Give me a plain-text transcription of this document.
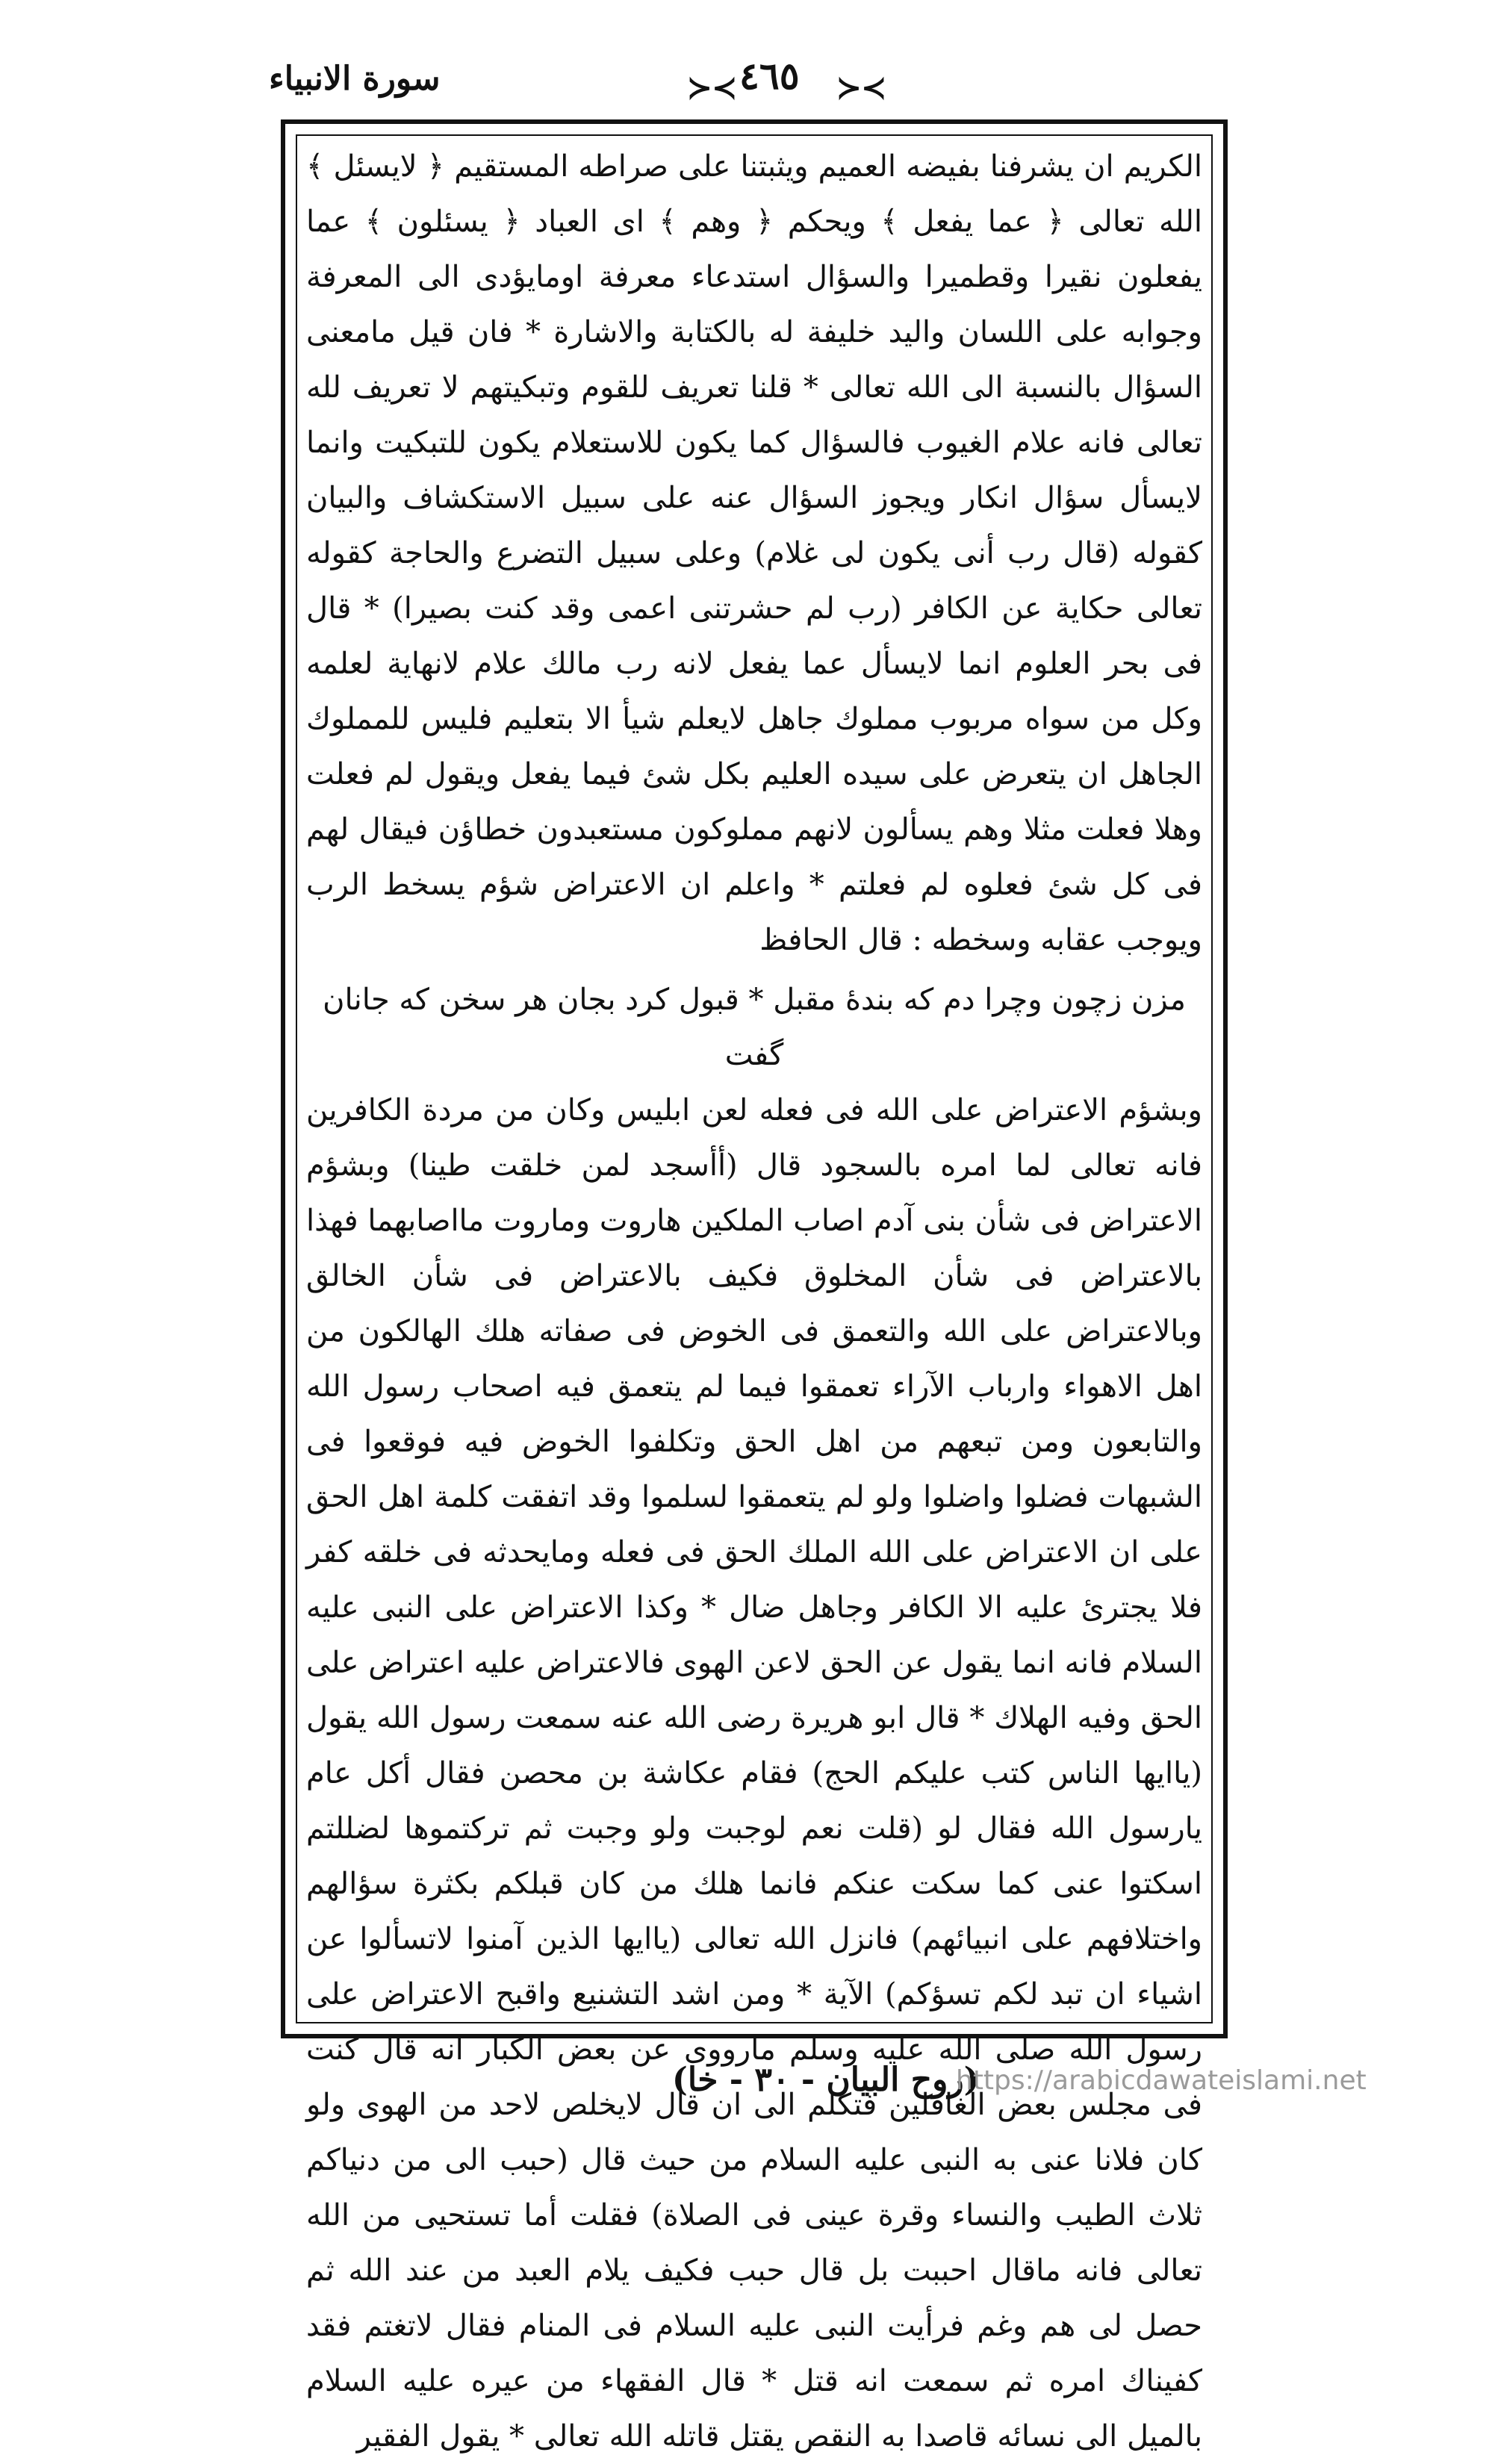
سورة الانبياء	≻≺ ٤٦٥ ≻≺

الكريم ان يشرفنا بفيضه العميم ويثبتنا على صراطه المستقيم ﴿ لايسئل ﴾ الله تعالى ﴿ عما يفعل ﴾ ويحكم ﴿ وهم ﴾ اى العباد ﴿ يسئلون ﴾ عما يفعلون نقيرا وقطميرا والسؤال استدعاء معرفة اومايؤدى الى المعرفة وجوابه على اللسان واليد خليفة له بالكتابة والاشارة * فان قيل مامعنى السؤال بالنسبة الى الله تعالى * قلنا تعريف للقوم وتبكيتهم لا تعريف لله تعالى فانه علام الغيوب فالسؤال كما يكون للاستعلام يكون للتبكيت وانما لايسأل سؤال انكار ويجوز السؤال عنه على سبيل الاستكشاف والبيان كقوله (قال رب أنى يكون لى غلام) وعلى سبيل التضرع والحاجة كقوله تعالى حكاية عن الكافر (رب لم حشرتنى اعمى وقد كنت بصيرا) * قال فى بحر العلوم انما لايسأل عما يفعل لانه رب مالك علام لانهاية لعلمه وكل من سواه مربوب مملوك جاهل لايعلم شيأ الا بتعليم فليس للمملوك الجاهل ان يتعرض على سيده العليم بكل شئ فيما يفعل ويقول لم فعلت وهلا فعلت مثلا وهم يسألون لانهم مملوكون مستعبدون خطاؤن فيقال لهم فى كل شئ فعلوه لم فعلتم * واعلم ان الاعتراض شؤم يسخط الرب ويوجب عقابه وسخطه : قال الحافظ

مزن زچون وچرا دم كه بندۀ مقبل * قبول كرد بجان هر سخن كه جانان گفت

وبشؤم الاعتراض على الله فى فعله لعن ابليس وكان من مردة الكافرين فانه تعالى لما امره بالسجود قال (أأسجد لمن خلقت طينا) وبشؤم الاعتراض فى شأن بنى آدم اصاب الملكين هاروت وماروت مااصابهما فهذا بالاعتراض فى شأن المخلوق فكيف بالاعتراض فى شأن الخالق وبالاعتراض على الله والتعمق فى الخوض فى صفاته هلك الهالكون من اهل الاهواء وارباب الآراء تعمقوا فيما لم يتعمق فيه اصحاب رسول الله والتابعون ومن تبعهم من اهل الحق وتكلفوا الخوض فيه فوقعوا فى الشبهات فضلوا واضلوا ولو لم يتعمقوا لسلموا وقد اتفقت كلمة اهل الحق على ان الاعتراض على الله الملك الحق فى فعله ومايحدثه فى خلقه كفر فلا يجترئ عليه الا الكافر وجاهل ضال * وكذا الاعتراض على النبى عليه السلام فانه انما يقول عن الحق لاعن الهوى فالاعتراض عليه اعتراض على الحق وفيه الهلاك * قال ابو هريرة رضى الله عنه سمعت رسول الله يقول (ياايها الناس كتب عليكم الحج) فقام عكاشة بن محصن فقال أكل عام يارسول الله فقال لو (قلت نعم لوجبت ولو وجبت ثم تركتموها لضللتم اسكتوا عنى كما سكت عنكم فانما هلك من كان قبلكم بكثرة سؤالهم واختلافهم على انبيائهم) فانزل الله تعالى (ياايها الذين آمنوا لاتسألوا عن اشياء ان تبد لكم تسؤكم) الآية * ومن اشد التشنيع واقبح الاعتراض على رسول الله صلى الله عليه وسلم مارووى عن بعض الكبار انه قال كنت فى مجلس بعض الغافلين فتكلم الى ان قال لايخلص لاحد من الهوى ولو كان فلانا عنى به النبى عليه السلام من حيث قال (حبب الى من دنياكم ثلاث الطيب والنساء وقرة عينى فى الصلاة) فقلت أما تستحيى من الله تعالى فانه ماقال احببت بل قال حبب فكيف يلام العبد من عند الله ثم حصل لى هم وغم فرأيت النبى عليه السلام فى المنام فقال لاتغتم فقد كفيناك امره ثم سمعت انه قتل * قال الفقهاء من عيره عليه السلام بالميل الى نسائه قاصدا به النقص يقتل قاتله الله تعالى * يقول الفقير

(روح البيان - ٣٠ - خا)
https://arabicdawateislami.net
